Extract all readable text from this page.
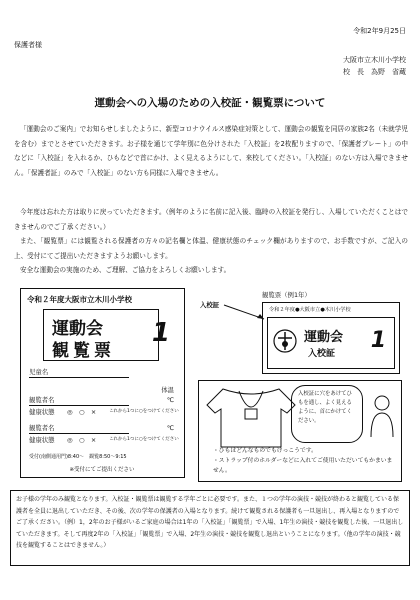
令和2年9月25日
保護者様
大阪市立木川小学校
校　長　為野　省蔵
運動会への入場のための入校証・観覧票について
「運動会のご案内」でお知らせしましたように、新型コロナウイルス感染症対策として、運動会の観覧を同居の家族2名（未就学児を含む）までとさせていただきます。お子様を通じて学年別に色分けされた「入校証」を2枚配りますので、「保護者プレート」の中などに「入校証」を入れるか、ひもなどで首にかけ、よく見えるようにして、来校してください。「入校証」のない方は入場できません。「保護者証」のみで「入校証」のない方も同様に入場できません。
今年度は忘れた方は取りに戻っていただきます。（例年のように名前に記入後、臨時の入校証を発行し、入場していただくことはできませんのでご了承ください。）
また、「観覧票」には観覧される保護者の方々の記名欄と体温、健康状態のチェック欄がありますので、お手数ですが、ご記入の上、受付にてご提出いただきますようお願いします。
安全な運動会の実施のため、ご理解、ご協力をよろしくお願いします。
令和２年度大阪市立木川小学校
運動会
観覧票
1
児童名
体温
観覧者名	℃
健康状態 ◎　○　×	これから1つに○をつけてください
観覧者名	℃
健康状態 ◎　○　×	これから1つに○をつけてください
受付(南側通用門)8:40〜　観覧8:50〜9:15
※受付にてご提出ください
入校証
観覧票（例1年）
令和２年度●大阪市立●木川小学校
運動会
入校証
1
入校証に穴をあけてひもを通し、よく見えるように、首にかけてください。
・ひもはどんなものでもけっこうです。
・ストラップ付のホルダーなどに入れてご使用いただいてもかまいません。
お子様の学年のみ観覧となります。入校証・観覧票は観覧する学年ごとに必要です。また、１つの学年の演技・競技が終わると観覧している保護者を全員に退出していただき、その後、次の学年の保護者の入場となります。続けて観覧される保護者も一旦退出し、再入場となりますのでご了承ください。（例）1，2年のお子様がいるご家庭の場合は1年の「入校証」「観覧票」で入場、1年生の演技・競技を観覧した後、一旦退出していただきます。そして再度2年の「入校証」「観覧票」で入場、2年生の演技・競技を観覧し退出ということになります。（他の学年の演技・競技を観覧することはできません。）
